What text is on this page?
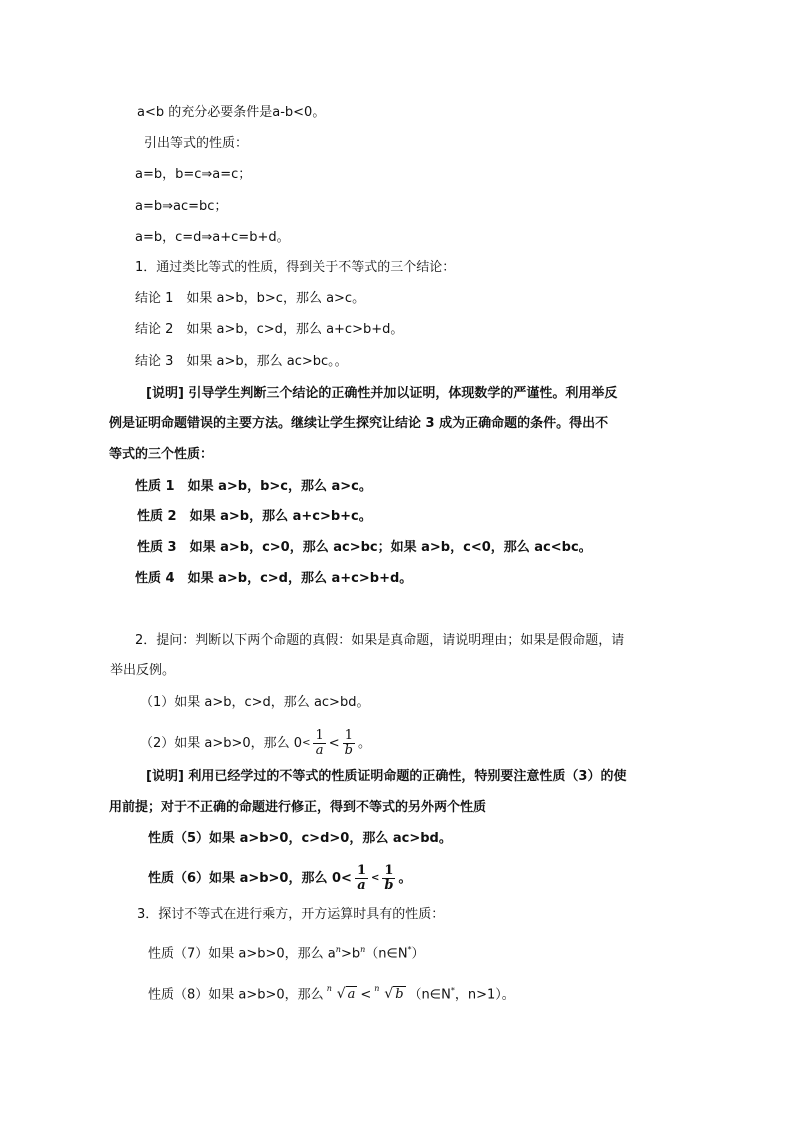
a<b 的充分必要条件是a-b<0。
引出等式的性质：
a=b，b=c⇒a=c；
a=b⇒ac=bc；
a=b，c=d⇒a+c=b+d。
1．通过类比等式的性质，得到关于不等式的三个结论：
结论 1　如果 a>b，b>c，那么 a>c。
结论 2　如果 a>b，c>d，那么 a+c>b+d。
结论 3　如果 a>b，那么 ac>bc。。
[说明] 引导学生判断三个结论的正确性并加以证明，体现数学的严谨性。利用举反
例是证明命题错误的主要方法。继续让学生探究让结论 3 成为正确命题的条件。得出不
等式的三个性质：
性质 1　如果 a>b，b>c，那么 a>c。
性质 2　如果 a>b，那么 a+c>b+c。
性质 3　如果 a>b，c>0，那么 ac>bc；如果 a>b，c<0，那么 ac<bc。
性质 4　如果 a>b，c>d，那么 a+c>b+d。
2．提问：判断以下两个命题的真假：如果是真命题，请说明理由；如果是假命题，请
举出反例。
（1）如果 a>b，c>d，那么 ac>bd。
（2）如果 a>b>0，那么 $0< \frac{1}{a} < \frac{1}{b}$ 。
[说明] 利用已经学过的不等式的性质证明命题的正确性，特别要注意性质（3）的使
用前提；对于不正确的命题进行修正，得到不等式的另外两个性质
性质（5）如果 a>b>0，c>d>0，那么 ac>bd。
性质（6）如果 a>b>0，那么 $0< \frac{1}{a} < \frac{1}{b}$ 。
3．探讨不等式在进行乘方，开方运算时具有的性质：
性质（7）如果 a>b>0，那么 $a^n>b^n(n\in N^*)$
性质（8）如果 a>b>0，那么 n √ a < n √ b （n∈N*，n>1）。
